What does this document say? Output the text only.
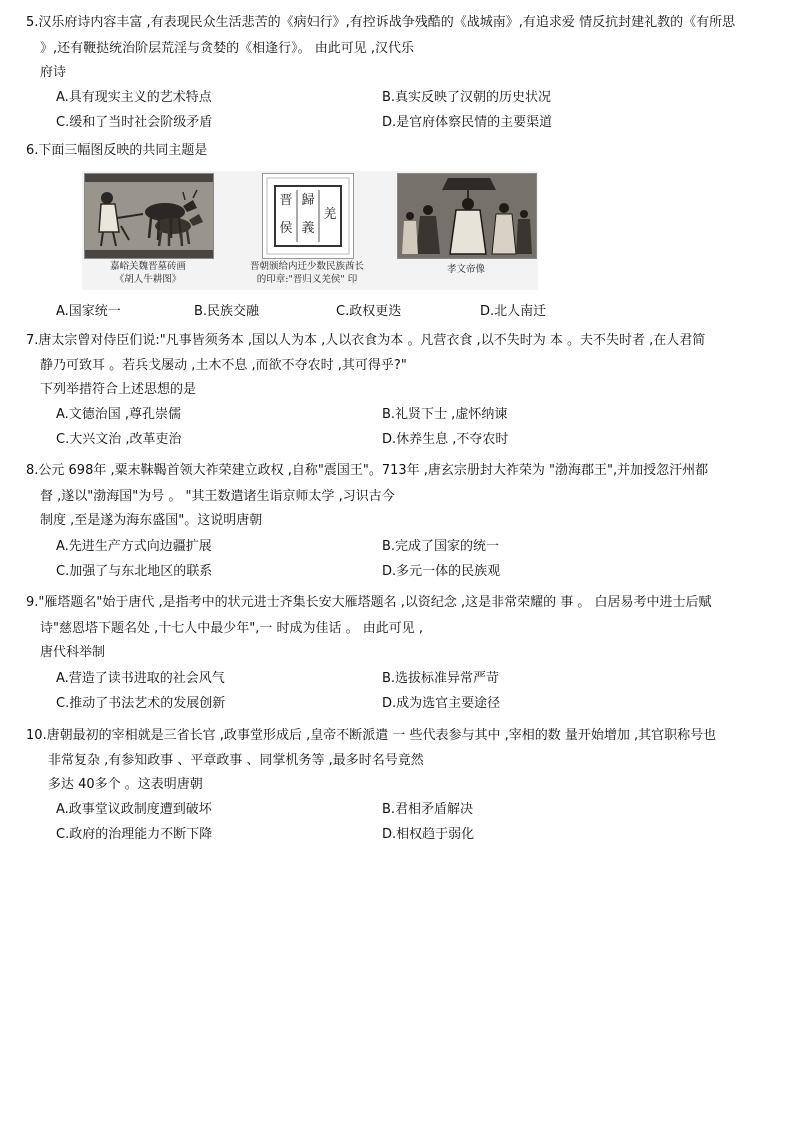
5.汉乐府诗内容丰富 ,有表现民众生活悲苦的《病妇行》,有控诉战争残酷的《战城南》,有追求爱 情反抗封建礼教的《有所思
》,还有鞭挞统治阶层荒淫与贪婪的《相逢行》。 由此可见 ,汉代乐
府诗
A.具有现实主义的艺术特点	B.真实反映了汉朝的历史状况
C.缓和了当时社会阶级矛盾	D.是官府体察民情的主要渠道
6.下面三幅图反映的共同主题是
嘉峪关魏晋墓砖画
《胡人牛耕图》
晋
侯
歸
義
羌
晋朝颁给内迁少数民族酋长
的印章:"晋归义羌侯" 印
孝文帝像
A.国家统一	B.民族交融	C.政权更迭	D.北人南迁
7.唐太宗曾对侍臣们说:"凡事皆须务本 ,国以人为本 ,人以衣食为本 。凡营衣食 ,以不失时为 本 。夫不失时者 ,在人君简
静乃可致耳 。若兵戈屡动 ,土木不息 ,而欲不夺农时 ,其可得乎?"
下列举措符合上述思想的是
A.文德治国 ,尊孔崇儒	B.礼贤下士 ,虚怀纳谏
C.大兴文治 ,改革吏治	D.休养生息 ,不夺农时
8.公元 698年 ,粟末靺鞨首领大祚荣建立政权 ,自称"震国王"。713年 ,唐玄宗册封大祚荣为 "渤海郡王",并加授忽汗州都
督 ,遂以"渤海国"为号 。 "其王数遣诸生诣京师太学 ,习识古今
制度 ,至是遂为海东盛国"。这说明唐朝
A.先进生产方式向边疆扩展	B.完成了国家的统一
C.加强了与东北地区的联系	D.多元一体的民族观
9."雁塔题名"始于唐代 ,是指考中的状元进士齐集长安大雁塔题名 ,以资纪念 ,这是非常荣耀的 事 。 白居易考中进士后赋
诗"慈恩塔下题名处 ,十七人中最少年",一 时成为佳话 。 由此可见 ,
唐代科举制
A.营造了读书进取的社会风气	B.选拔标准异常严苛
C.推动了书法艺术的发展创新	D.成为选官主要途径
10.唐朝最初的宰相就是三省长官 ,政事堂形成后 ,皇帝不断派遣 一 些代表参与其中 ,宰相的数 量开始增加 ,其官职称号也
非常复杂 ,有参知政事 、平章政事 、同掌机务等 ,最多时名号竟然
多达 40多个 。这表明唐朝
A.政事堂议政制度遭到破坏	B.君相矛盾解决
C.政府的治理能力不断下降	D.相权趋于弱化
